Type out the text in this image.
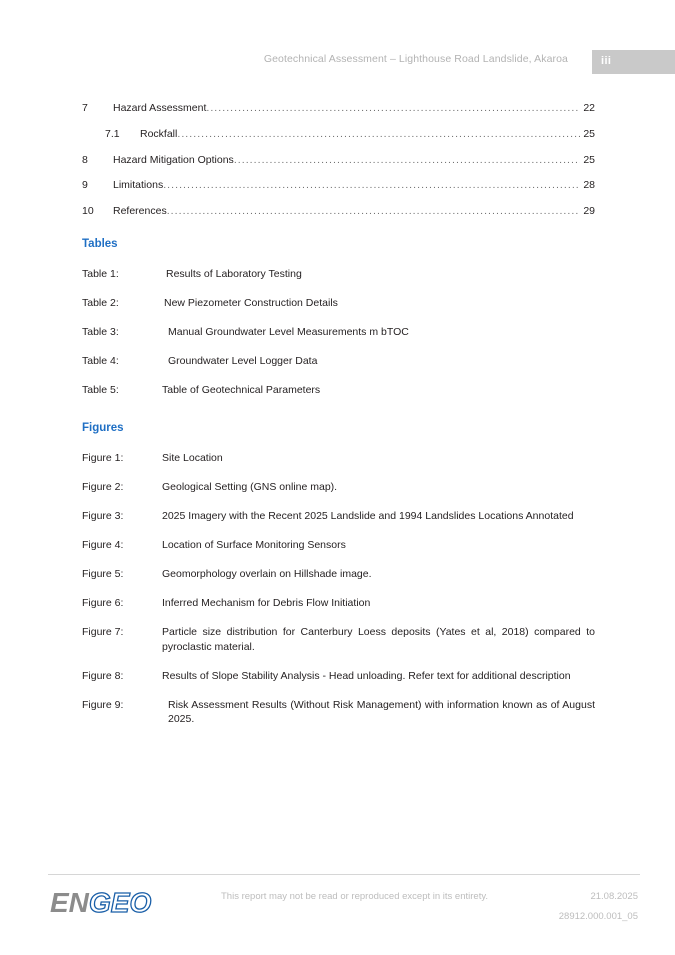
Geotechnical Assessment – Lighthouse Road Landslide, Akaroa	iii
7	Hazard Assessment .....	22
7.1	Rockfall .....	25
8	Hazard Mitigation Options .....	25
9	Limitations .....	28
10	References .....	29
Tables
Table 1:	Results of Laboratory Testing
Table 2:	New Piezometer Construction Details
Table 3:	Manual Groundwater Level Measurements m bTOC
Table 4:	Groundwater Level Logger Data
Table 5:	Table of Geotechnical Parameters
Figures
Figure 1:	Site Location
Figure 2:	Geological Setting (GNS online map).
Figure 3:	2025 Imagery with the Recent 2025 Landslide and 1994 Landslides Locations Annotated
Figure 4:	Location of Surface Monitoring Sensors
Figure 5:	Geomorphology overlain on Hillshade image.
Figure 6:	Inferred Mechanism for Debris Flow Initiation
Figure 7:	Particle size distribution for Canterbury Loess deposits (Yates et al, 2018) compared to pyroclastic material.
Figure 8:	Results of Slope Stability Analysis - Head unloading. Refer text for additional description
Figure 9:	Risk Assessment Results (Without Risk Management) with information known as of August 2025.
EN GEO	This report may not be read or reproduced except in its entirety.	21.08.2025
28912.000.001_05
